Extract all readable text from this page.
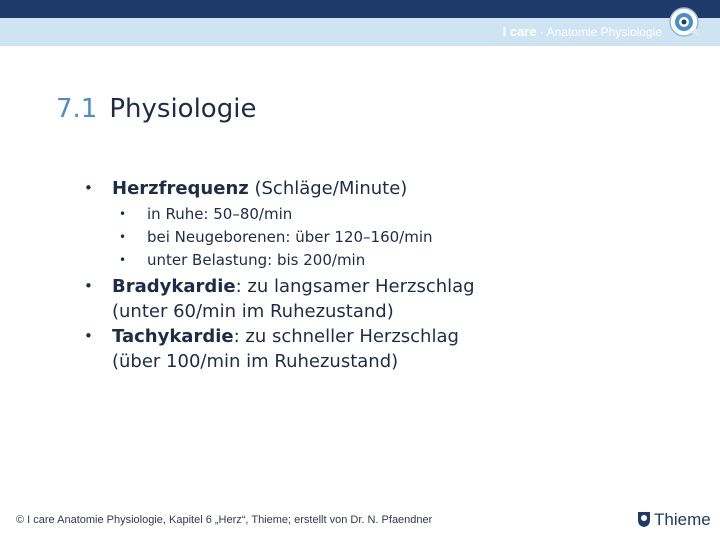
I care · Anatomie Physiologie
7.1 Physiologie
• Herzfrequenz (Schläge/Minute)
• in Ruhe: 50–80/min
• bei Neugeborenen: über 120–160/min
• unter Belastung: bis 200/min
• Bradykardie: zu langsamer Herzschlag
(unter 60/min im Ruhezustand)
• Tachykardie: zu schneller Herzschlag
(über 100/min im Ruhezustand)
© I care Anatomie Physiologie, Kapitel 6 „Herz“, Thieme; erstellt von Dr. N. Pfaendner	Thieme
